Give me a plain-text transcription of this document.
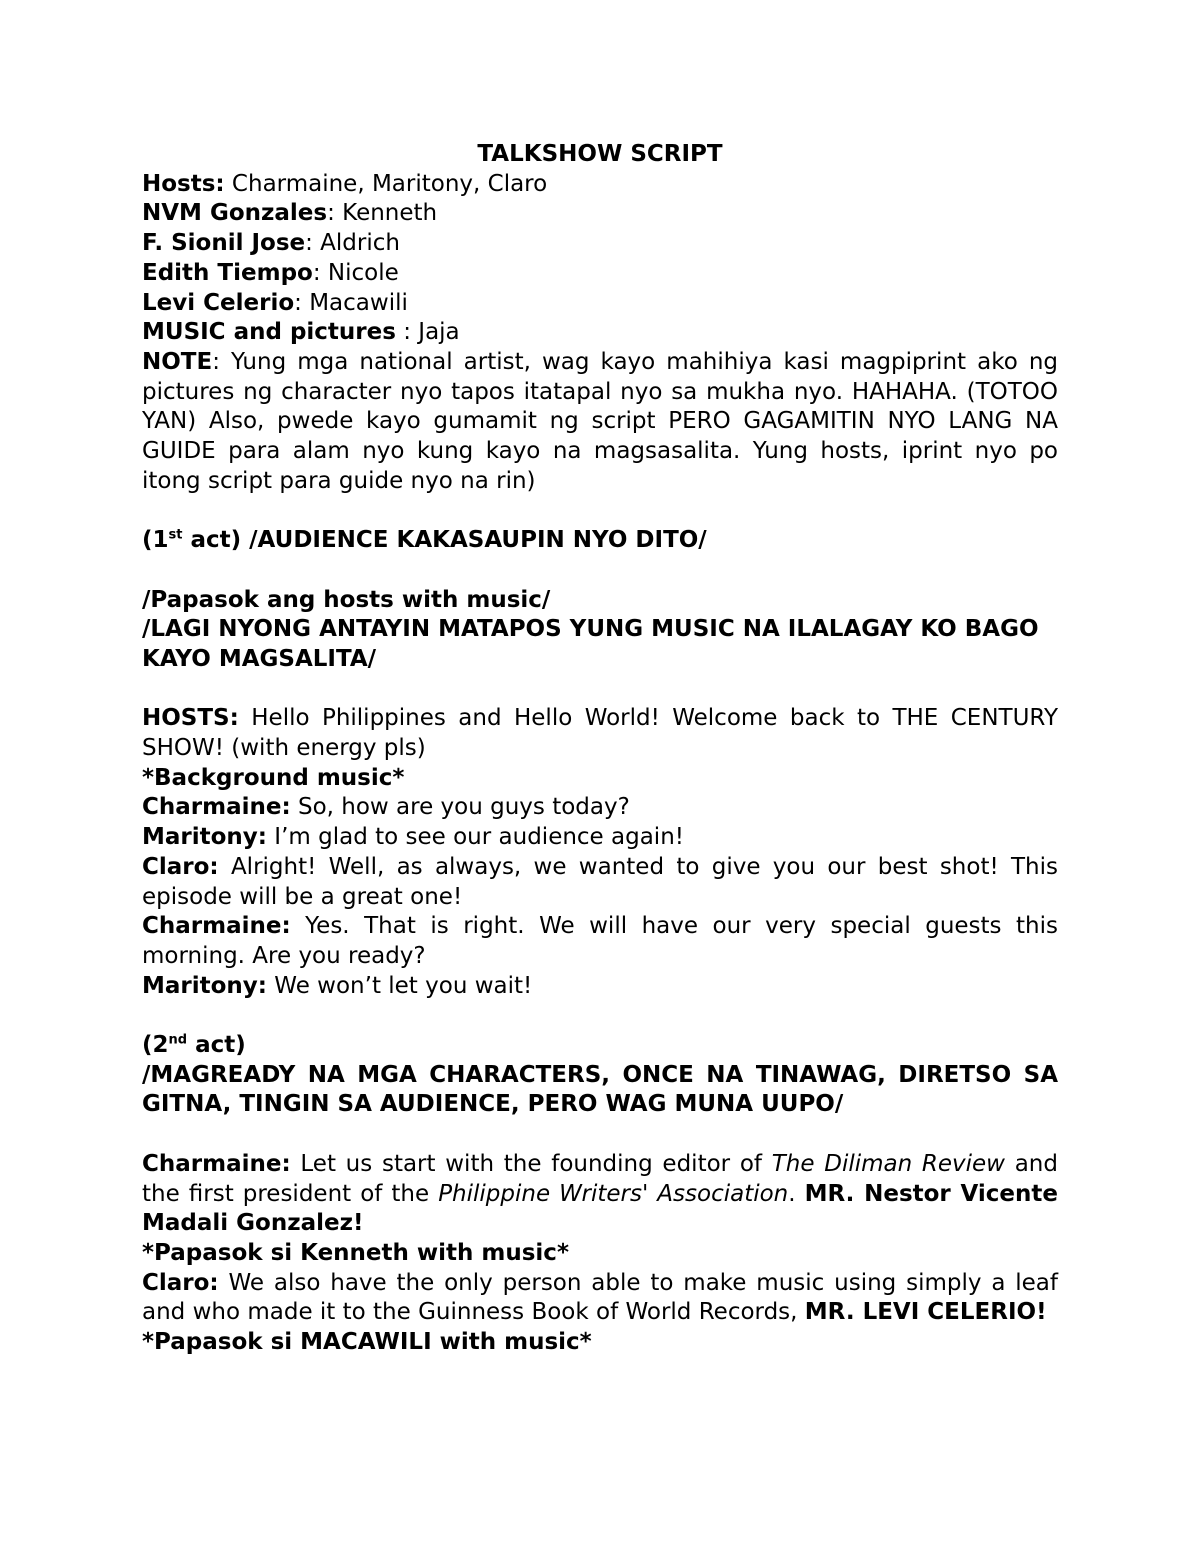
TALKSHOW SCRIPT

Hosts: Charmaine, Maritony, Claro

NVM Gonzales: Kenneth

F. Sionil Jose: Aldrich

Edith Tiempo: Nicole

Levi Celerio: Macawili

MUSIC and pictures : Jaja

NOTE: Yung mga national artist, wag kayo mahihiya kasi magpiprint ako ng pictures ng character nyo tapos itatapal nyo sa mukha nyo. HAHAHA. (TOTOO YAN) Also, pwede kayo gumamit ng script PERO GAGAMITIN NYO LANG NA GUIDE para alam nyo kung kayo na magsasalita. Yung hosts, iprint nyo po itong script para guide nyo na rin)

(1st act) /AUDIENCE KAKASAUPIN NYO DITO/

/Papasok ang hosts with music/

/LAGI NYONG ANTAYIN MATAPOS YUNG MUSIC NA ILALAGAY KO BAGO KAYO MAGSALITA/

HOSTS: Hello Philippines and Hello World! Welcome back to THE CENTURY SHOW! (with energy pls)

*Background music*

Charmaine: So, how are you guys today?

Maritony: I’m glad to see our audience again!

Claro: Alright! Well, as always, we wanted to give you our best shot! This episode will be a great one!

Charmaine: Yes. That is right. We will have our very special guests this morning. Are you ready?

Maritony: We won’t let you wait!

(2nd act)

/MAGREADY NA MGA CHARACTERS, ONCE NA TINAWAG, DIRETSO SA GITNA, TINGIN SA AUDIENCE, PERO WAG MUNA UUPO/

Charmaine: Let us start with the founding editor of The Diliman Review and the first president of the Philippine Writers' Association. MR. Nestor Vicente Madali Gonzalez!

*Papasok si Kenneth with music*

Claro: We also have the only person able to make music using simply a leaf and who made it to the Guinness Book of World Records, MR. LEVI CELERIO!

*Papasok si MACAWILI with music*
